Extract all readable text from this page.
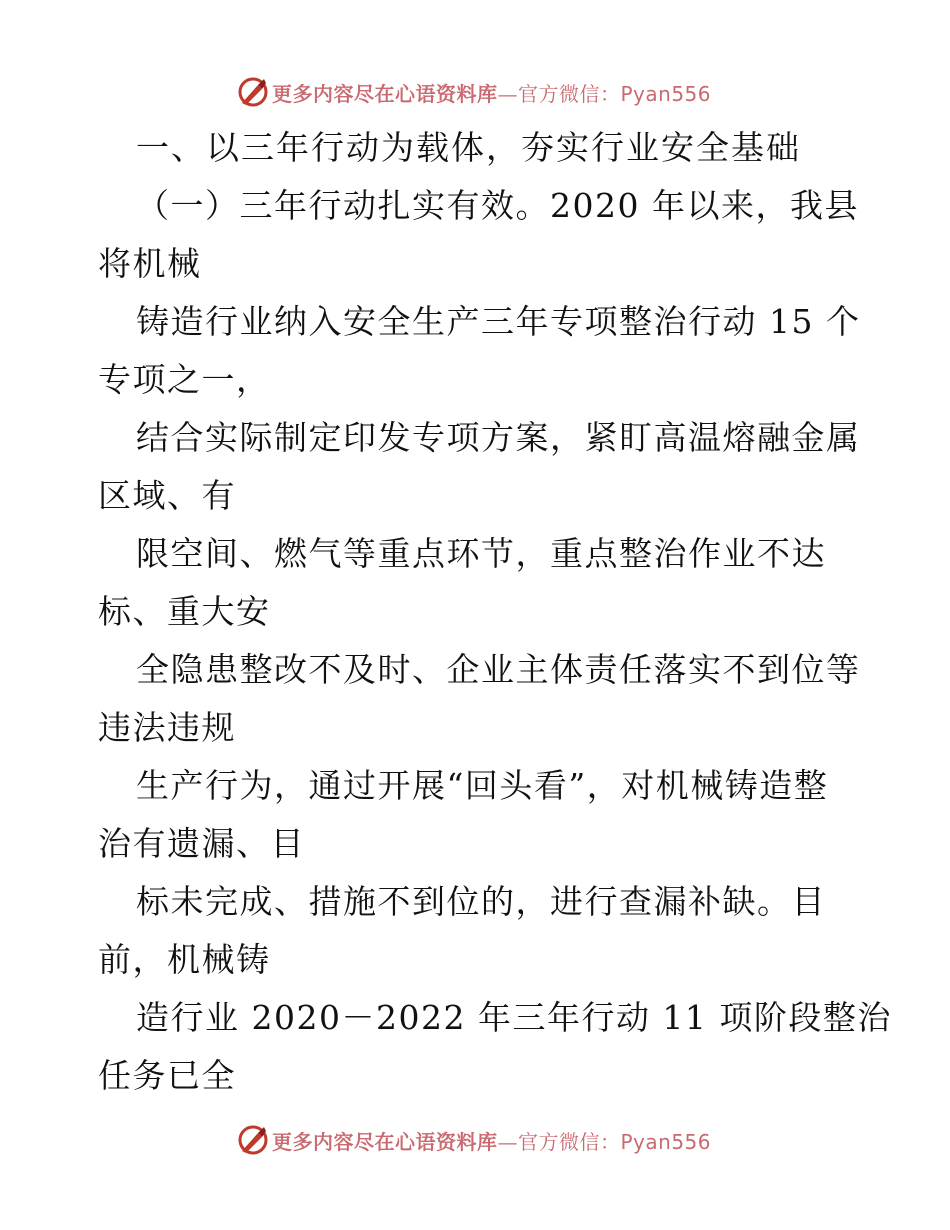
更多内容尽在心语资料库—官方微信：Pyan556
一、以三年行动为载体，夯实行业安全基础
（一）三年行动扎实有效。2020 年以来，我县
将机械
铸造行业纳入安全生产三年专项整治行动 15 个
专项之一，
结合实际制定印发专项方案，紧盯高温熔融金属
区域、有
限空间、燃气等重点环节，重点整治作业不达
标、重大安
全隐患整改不及时、企业主体责任落实不到位等
违法违规
生产行为，通过开展“回头看”，对机械铸造整
治有遗漏、目
标未完成、措施不到位的，进行查漏补缺。目
前，机械铸
造行业 2020－2022 年三年行动 11 项阶段整治
任务已全
更多内容尽在心语资料库—官方微信：Pyan556
